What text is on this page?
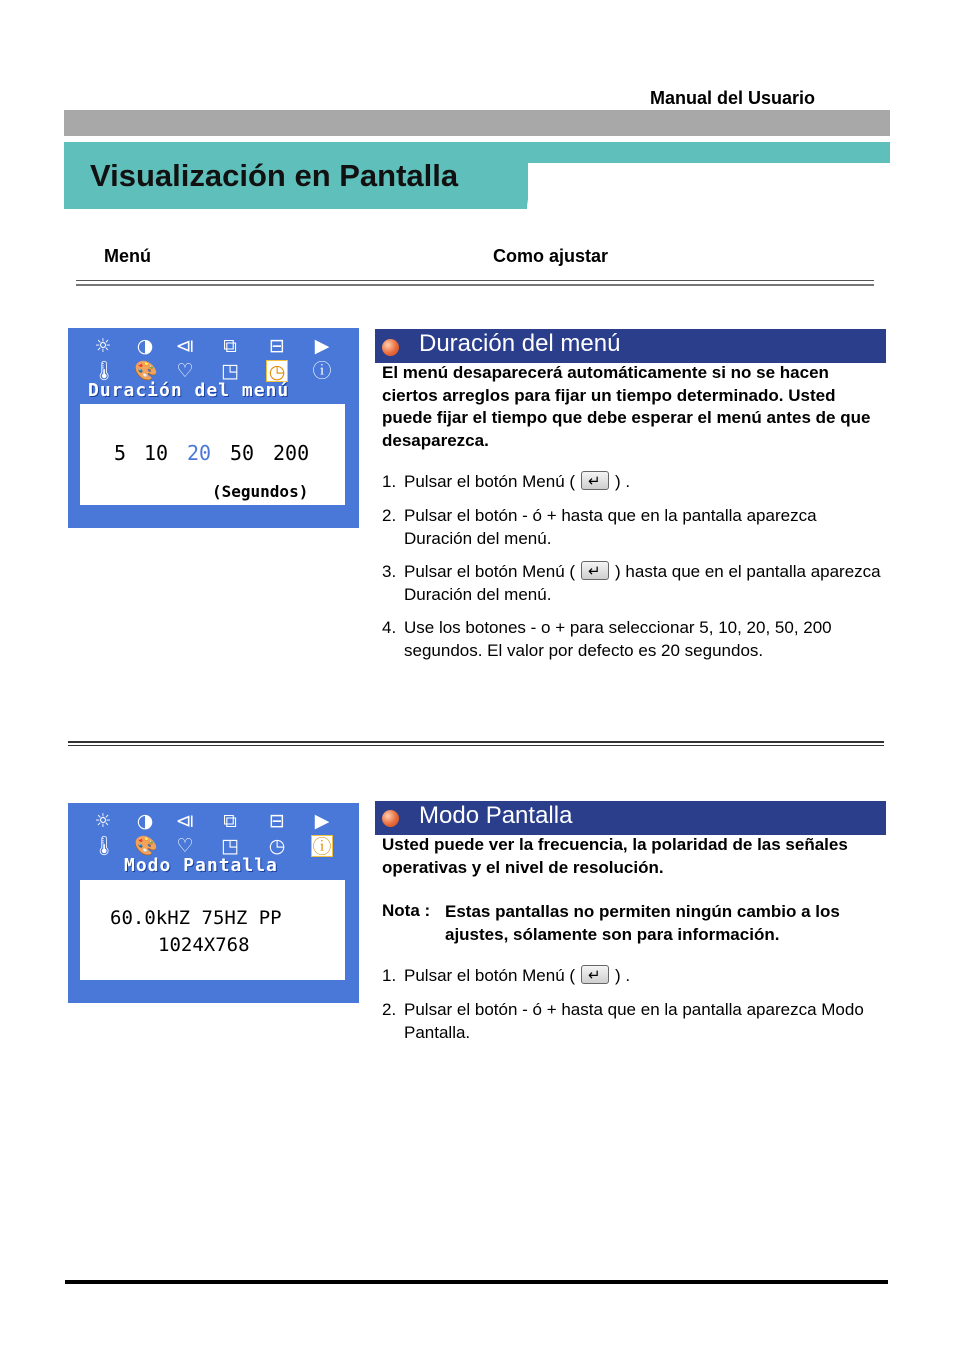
Manual del Usuario
Visualización en Pantalla
Menú	Como ajustar
☼ ◑ ⧏ ⧉ ⊟ ▶
🌡 🎨 ♡ ◳ ◷ ⓘ
Duración del menú
5 10 20 50 200
(Segundos)
Duración del menú
El menú desaparecerá automáticamente si no se hacen ciertos arreglos para fijar un tiempo determinado. Usted puede fijar el tiempo que debe esperar el menú antes de que desaparezca.
1. Pulsar el botón Menú ( ↵ ) .
2. Pulsar el botón - ó + hasta que en la pantalla aparezca Duración del menú.
3. Pulsar el botón Menú ( ↵ ) hasta que en el pantalla aparezca Duración del menú.
4. Use los botones - o + para seleccionar 5, 10, 20, 50, 200 segundos. El valor por defecto es 20 segundos.
☼ ◑ ⧏ ⧉ ⊟ ▶
🌡 🎨 ♡ ◳ ◷ ⓘ
Modo Pantalla
60.0kHZ 75HZ PP
1024X768
Modo Pantalla
Usted puede ver la frecuencia, la polaridad de las señales operativas y el nivel de resolución.
Nota : Estas pantallas no permiten ningún cambio a los ajustes, sólamente son para información.
1. Pulsar el botón Menú ( ↵ ) .
2. Pulsar el botón - ó + hasta que en la pantalla aparezca Modo Pantalla.
